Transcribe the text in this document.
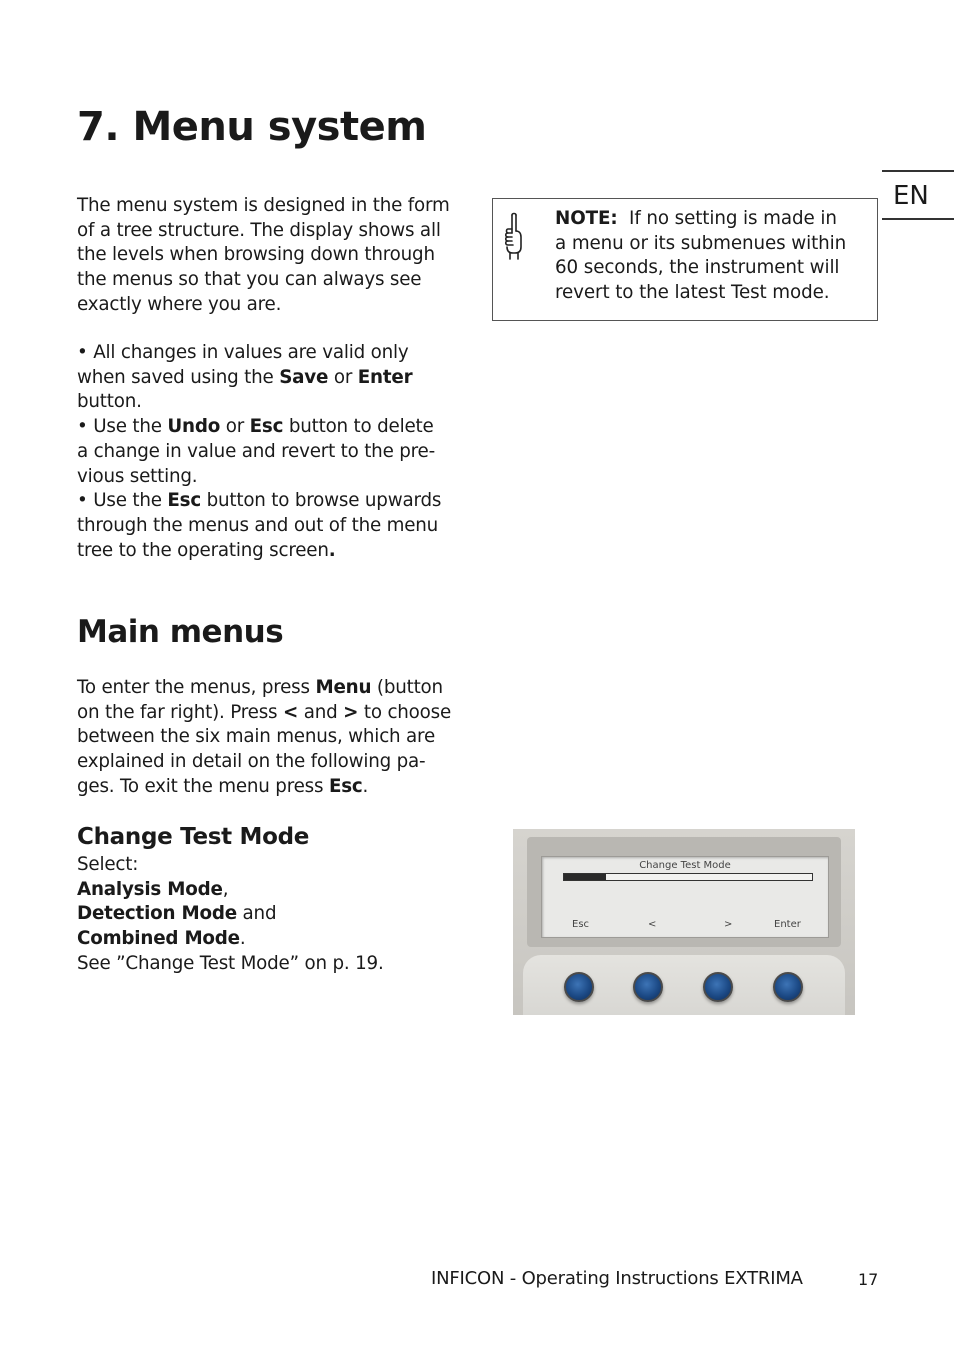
7. Menu system
EN

The menu system is designed in the form
of a tree structure. The display shows all
the levels when browsing down through
the menus so that you can always see
exactly where you are.

• All changes in values are valid only
when saved using the Save or Enter
button.
• Use the Undo or Esc button to delete
a change in value and revert to the pre-
vious setting.
• Use the Esc button to browse upwards
through the menus and out of the menu
tree to the operating screen.
NOTE:  If no setting is made in
a menu or its submenues within
60 seconds, the instrument will
revert to the latest Test mode.
Main menus
To enter the menus, press Menu (button
on the far right). Press < and > to choose
between the six main menus, which are
explained in detail on the following pa-
ges. To exit the menu press Esc.
Change Test Mode
Select:
Analysis Mode,
Detection Mode and
Combined Mode.
See ”Change Test Mode” on p. 19.
Change Test Mode
Esc	<	>	Enter
INFICON - Operating Instructions EXTRIMA	17
